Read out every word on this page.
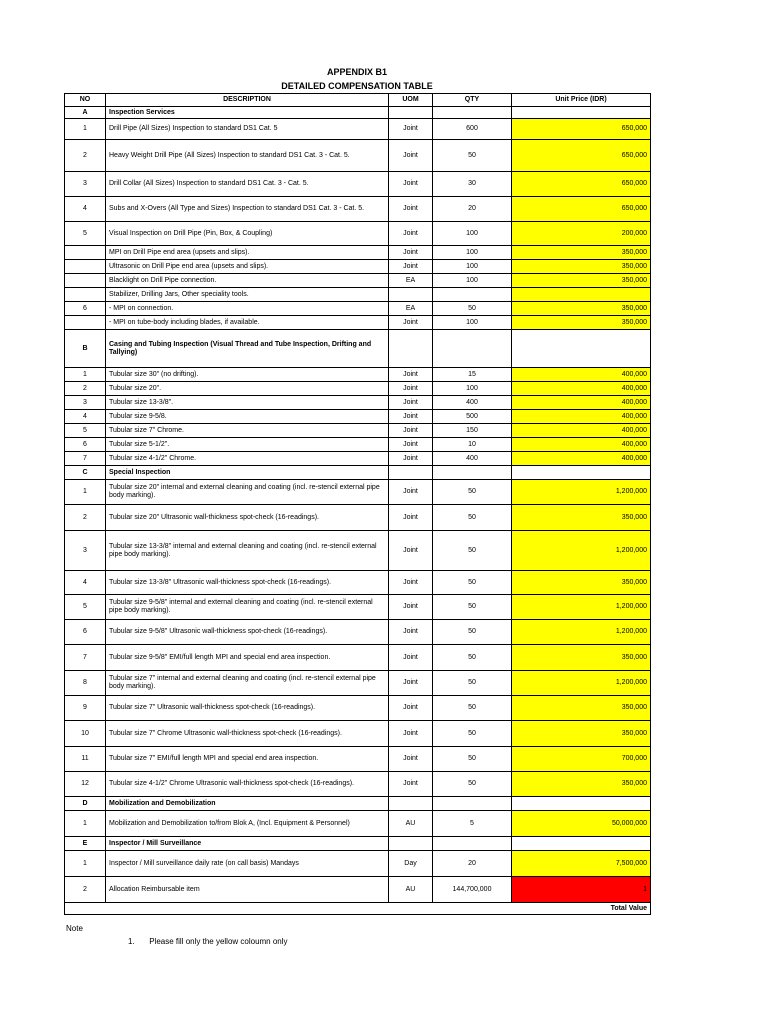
APPENDIX B1
DETAILED COMPENSATION TABLE
NO	DESCRIPTION	UOM	QTY	Unit Price (IDR)
A	Inspection Services			
1	Drill Pipe (All Sizes) Inspection to standard DS1 Cat. 5	Joint	600	650,000
2	Heavy Weight Drill Pipe (All Sizes) Inspection to standard DS1 Cat. 3 - Cat. 5.	Joint	50	650,000
3	Drill Collar (All Sizes) Inspection to standard DS1 Cat. 3 - Cat. 5.	Joint	30	650,000
4	Subs and X-Overs (All Type and Sizes) Inspection to standard DS1 Cat. 3 - Cat. 5.	Joint	20	650,000
5	Visual Inspection on Drill Pipe (Pin, Box, & Coupling)	Joint	100	200,000
	MPI on Drill Pipe end area (upsets and slips).	Joint	100	350,000
	Ultrasonic on Drill Pipe end area (upsets and slips).	Joint	100	350,000
	Blacklight on Drill Pipe connection.	EA	100	350,000
	Stabilizer, Drilling Jars, Other speciality tools.			
6	- MPI on connection.	EA	50	350,000
	- MPI on tube-body including blades, if available.	Joint	100	350,000
B	Casing and Tubing Inspection (Visual Thread and Tube Inspection, Drifting and Tallying)			
1	Tubular size 30" (no drifting).	Joint	15	400,000
2	Tubular size 20".	Joint	100	400,000
3	Tubular size 13-3/8".	Joint	400	400,000
4	Tubular size 9-5/8.	Joint	500	400,000
5	Tubular size 7" Chrome.	Joint	150	400,000
6	Tubular size 5-1/2".	Joint	10	400,000
7	Tubular size 4-1/2" Chrome.	Joint	400	400,000
C	Special Inspection			
1	Tubular size 20" internal and external cleaning and coating (incl. re-stencil external pipe body marking).	Joint	50	1,200,000
2	Tubular size 20" Ultrasonic wall-thickness spot-check (16-readings).	Joint	50	350,000
3	Tubular size 13-3/8" internal and external cleaning and coating (incl. re-stencil external pipe body marking).	Joint	50	1,200,000
4	Tubular size 13-3/8" Ultrasonic wall-thickness spot-check (16-readings).	Joint	50	350,000
5	Tubular size 9-5/8" internal and external cleaning and coating (incl. re-stencil external pipe body marking).	Joint	50	1,200,000
6	Tubular size 9-5/8" Ultrasonic wall-thickness spot-check (16-readings).	Joint	50	1,200,000
7	Tubular size 9-5/8" EMI/full length MPI and special end area inspection.	Joint	50	350,000
8	Tubular size 7" internal and external cleaning and coating (incl. re-stencil external pipe body marking).	Joint	50	1,200,000
9	Tubular size 7" Ultrasonic wall-thickness spot-check (16-readings).	Joint	50	350,000
10	Tubular size 7" Chrome Ultrasonic wall-thickness spot-check (16-readings).	Joint	50	350,000
11	Tubular size 7" EMI/full length MPI and special end area inspection.	Joint	50	700,000
12	Tubular size 4-1/2" Chrome Ultrasonic wall-thickness spot-check (16-readings).	Joint	50	350,000
D	Mobilization and Demobilization			
1	Mobilization and Demobilization to/from Blok A, (Incl. Equipment & Personnel)	AU	5	50,000,000
E	Inspector / Mill Surveillance			
1	Inspector / Mill surveillance daily rate (on call basis) Mandays	Day	20	7,500,000
2	Allocation Reimbursable item	AU	144,700,000	1
				Total Value
Note
1. Please fill only the yellow coloumn only
